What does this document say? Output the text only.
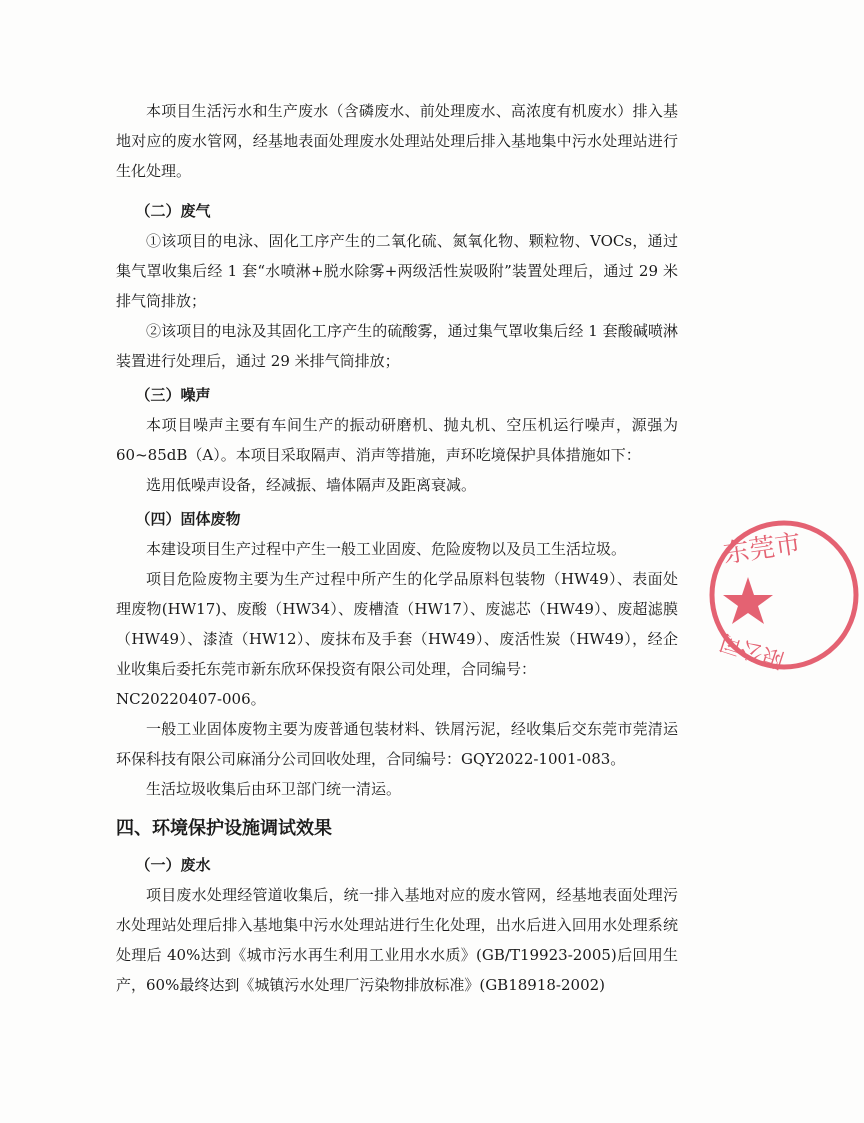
本项目生活污水和生产废水（含磷废水、前处理废水、高浓度有机废水）排入基地对应的废水管网，经基地表面处理废水处理站处理后排入基地集中污水处理站进行生化处理。

（二）废气

①该项目的电泳、固化工序产生的二氧化硫、氮氧化物、颗粒物、VOCs，通过集气罩收集后经 1 套“水喷淋+脱水除雾+两级活性炭吸附”装置处理后，通过 29 米排气筒排放；

②该项目的电泳及其固化工序产生的硫酸雾，通过集气罩收集后经 1 套酸碱喷淋装置进行处理后，通过 29 米排气筒排放；

（三）噪声

本项目噪声主要有车间生产的振动研磨机、抛丸机、空压机运行噪声，源强为 60~85dB（A）。本项目采取隔声、消声等措施，声环吃境保护具体措施如下：

选用低噪声设备，经减振、墙体隔声及距离衰减。

（四）固体废物

本建设项目生产过程中产生一般工业固废、危险废物以及员工生活垃圾。

项目危险废物主要为生产过程中所产生的化学品原料包装物（HW49）、表面处理废物(HW17)、废酸（HW34）、废槽渣（HW17）、废滤芯（HW49）、废超滤膜（HW49）、漆渣（HW12）、废抹布及手套（HW49）、废活性炭（HW49），经企业收集后委托东莞市新东欣环保投资有限公司处理，合同编号：

NC20220407-006。

一般工业固体废物主要为废普通包装材料、铁屑污泥，经收集后交东莞市莞清运环保科技有限公司麻涌分公司回收处理，合同编号：GQY2022-1001-083。

生活垃圾收集后由环卫部门统一清运。

四、环境保护设施调试效果

（一）废水

项目废水处理经管道收集后，统一排入基地对应的废水管网，经基地表面处理污水处理站处理后排入基地集中污水处理站进行生化处理，出水后进入回用水处理系统处理后 40%达到《城市污水再生利用工业用水水质》(GB/T19923-2005)后回用生产，60%最终达到《城镇污水处理厂污染物排放标准》(GB18918-2002)

东莞市
限公司
